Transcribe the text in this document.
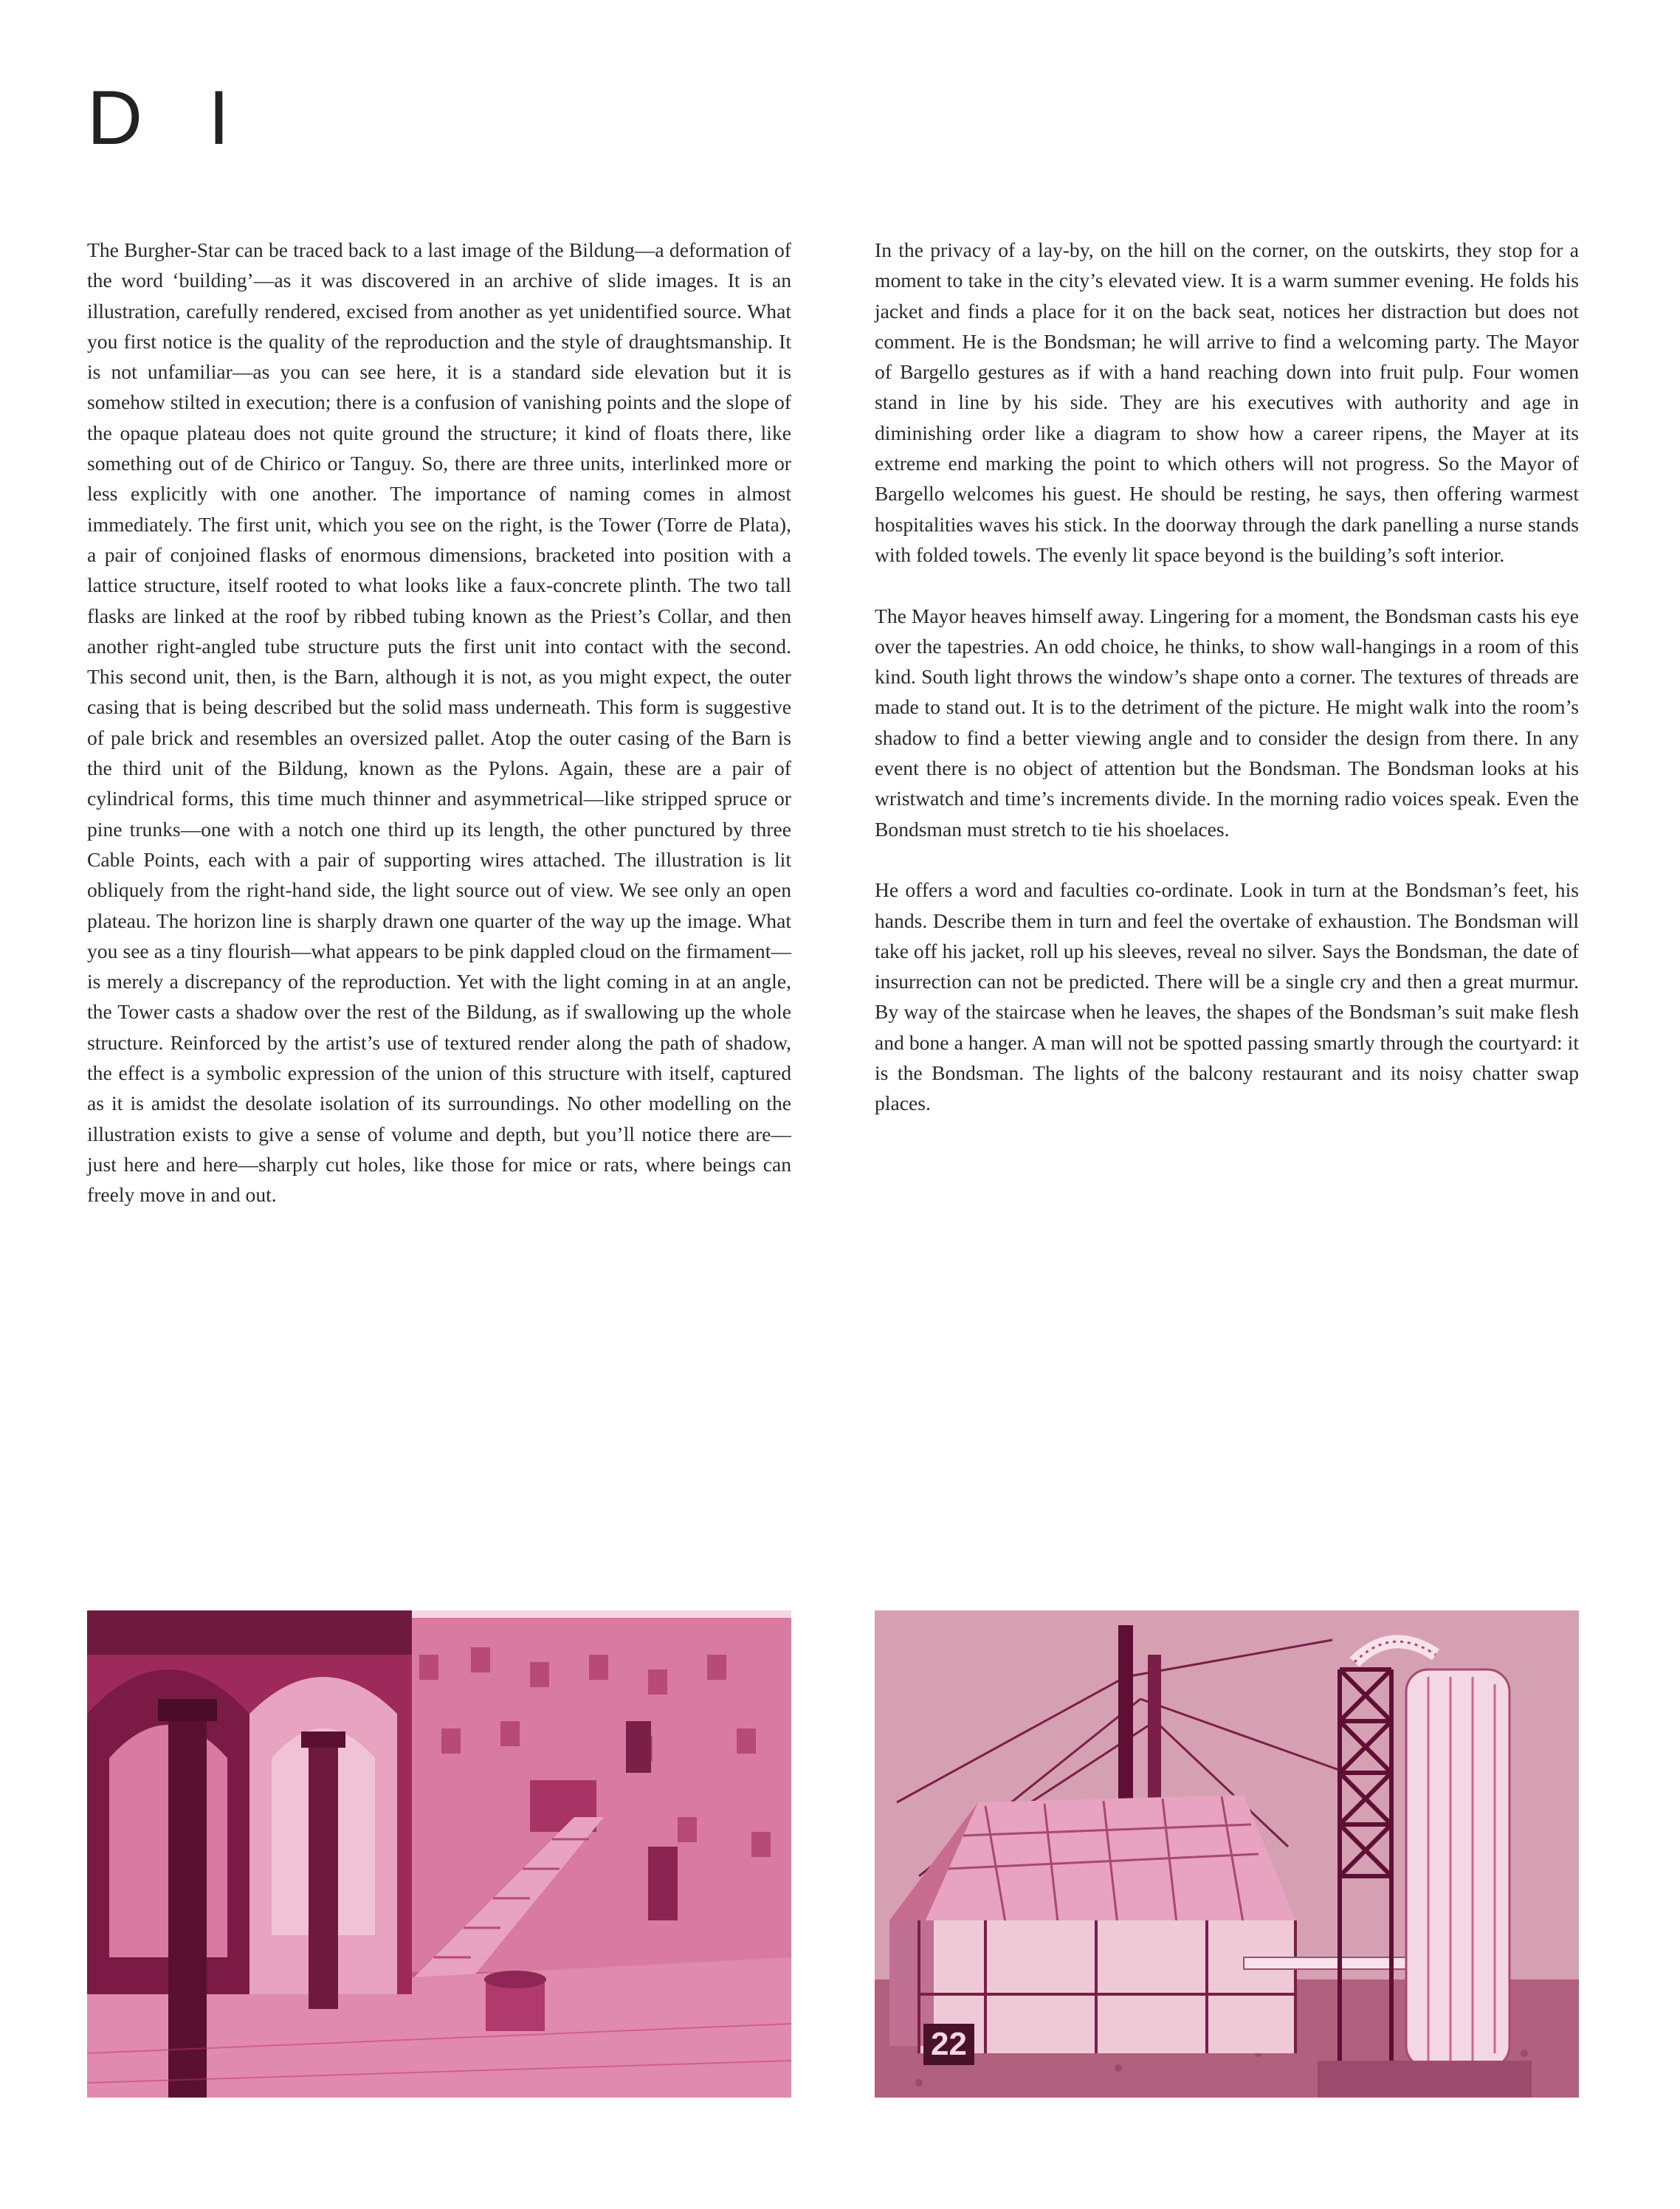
D I

The Burgher-Star can be traced back to a last image of the Bildung—a deformation of the word ‘building’—as it was discovered in an archive of slide images. It is an illustration, carefully rendered, excised from another as yet unidentified source. What you first notice is the quality of the reproduction and the style of draughtsmanship. It is not unfamiliar—as you can see here, it is a standard side elevation but it is somehow stilted in execution; there is a confusion of vanishing points and the slope of the opaque plateau does not quite ground the structure; it kind of floats there, like something out of de Chirico or Tanguy. So, there are three units, interlinked more or less explicitly with one another. The importance of naming comes in almost immediately. The first unit, which you see on the right, is the Tower (Torre de Plata), a pair of conjoined flasks of enormous dimensions, bracketed into position with a lattice structure, itself rooted to what looks like a faux-concrete plinth. The two tall flasks are linked at the roof by ribbed tubing known as the Priest’s Collar, and then another right-angled tube structure puts the first unit into contact with the second. This second unit, then, is the Barn, although it is not, as you might expect, the outer casing that is being described but the solid mass underneath. This form is suggestive of pale brick and resembles an oversized pallet. Atop the outer casing of the Barn is the third unit of the Bildung, known as the Pylons. Again, these are a pair of cylindrical forms, this time much thinner and asymmetrical—like stripped spruce or pine trunks—one with a notch one third up its length, the other punctured by three Cable Points, each with a pair of supporting wires attached. The illustration is lit obliquely from the right-hand side, the light source out of view. We see only an open plateau. The horizon line is sharply drawn one quarter of the way up the image. What you see as a tiny flourish—what appears to be pink dappled cloud on the firmament—is merely a discrepancy of the reproduction. Yet with the light coming in at an angle, the Tower casts a shadow over the rest of the Bildung, as if swallowing up the whole structure. Reinforced by the artist’s use of textured render along the path of shadow, the effect is a symbolic expression of the union of this structure with itself, captured as it is amidst the desolate isolation of its surroundings. No other modelling on the illustration exists to give a sense of volume and depth, but you’ll notice there are—just here and here—sharply cut holes, like those for mice or rats, where beings can freely move in and out.

In the privacy of a lay-by, on the hill on the corner, on the outskirts, they stop for a moment to take in the city’s elevated view. It is a warm summer evening. He folds his jacket and finds a place for it on the back seat, notices her distraction but does not comment. He is the Bondsman; he will arrive to find a welcoming party. The Mayor of Bargello gestures as if with a hand reaching down into fruit pulp. Four women stand in line by his side. They are his executives with authority and age in diminishing order like a diagram to show how a career ripens, the Mayer at its extreme end marking the point to which others will not progress. So the Mayor of Bargello welcomes his guest. He should be resting, he says, then offering warmest hospitalities waves his stick. In the doorway through the dark panelling a nurse stands with folded towels. The evenly lit space beyond is the building’s soft interior.

The Mayor heaves himself away. Lingering for a moment, the Bondsman casts his eye over the tapestries. An odd choice, he thinks, to show wall-hangings in a room of this kind. South light throws the window’s shape onto a corner. The textures of threads are made to stand out. It is to the detriment of the picture. He might walk into the room’s shadow to find a better viewing angle and to consider the design from there. In any event there is no object of attention but the Bondsman. The Bondsman looks at his wristwatch and time’s increments divide. In the morning radio voices speak. Even the Bondsman must stretch to tie his shoelaces.

He offers a word and faculties co-ordinate. Look in turn at the Bondsman’s feet, his hands. Describe them in turn and feel the overtake of exhaustion. The Bondsman will take off his jacket, roll up his sleeves, reveal no silver. Says the Bondsman, the date of insurrection can not be predicted. There will be a single cry and then a great murmur. By way of the staircase when he leaves, the shapes of the Bondsman’s suit make flesh and bone a hanger. A man will not be spotted passing smartly through the courtyard: it is the Bondsman. The lights of the balcony restaurant and its noisy chatter swap places.

22
